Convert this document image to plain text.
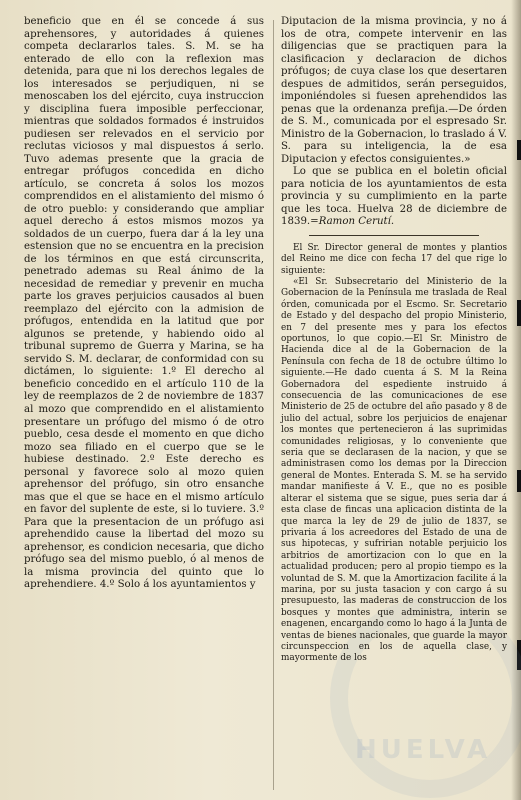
HUELVA

beneficio que en él se concede á sus aprehensores, y autoridades á quienes competa declararlos tales. S. M. se ha enterado de ello con la reflexion mas detenida, para que ni los derechos legales de los interesados se perjudiquen, ni se menoscaben los del ejército, cuya instruccion y disciplina fuera imposible perfeccionar, mientras que soldados formados é instruidos pudiesen ser relevados en el servicio por reclutas viciosos y mal dispuestos á serlo. Tuvo ademas presente que la gracia de entregar prófugos concedida en dicho artículo, se concreta á solos los mozos comprendidos en el alistamiento del mismo ó de otro pueblo: y considerando que ampliar aquel derecho á estos mismos mozos ya soldados de un cuerpo, fuera dar á la ley una estension que no se encuentra en la precision de los términos en que está circunscrita, penetrado ademas su Real ánimo de la necesidad de remediar y prevenir en mucha parte los graves perjuicios causados al buen reemplazo del ejército con la admision de prófugos, entendida en la latitud que por algunos se pretende, y habiendo oido al tribunal supremo de Guerra y Marina, se ha servido S. M. declarar, de conformidad con su dictámen, lo siguiente: 1.º El derecho al beneficio concedido en el artículo 110 de la ley de reemplazos de 2 de noviembre de 1837 al mozo que comprendido en el alistamiento presentare un prófugo del mismo ó de otro pueblo, cesa desde el momento en que dicho mozo sea filiado en el cuerpo que se le hubiese destinado. 2.º Este derecho es personal y favorece solo al mozo quien aprehensor del prófugo, sin otro ensanche mas que el que se hace en el mismo artículo en favor del suplente de este, si lo tuviere. 3.º Para que la presentacion de un prófugo asi aprehendido cause la libertad del mozo su aprehensor, es condicion necesaria, que dicho prófugo sea del mismo pueblo, ó al menos de la misma provincia del quinto que lo aprehendiere. 4.º Solo á los ayuntamientos y

Diputacion de la misma provincia, y no á los de otra, compete intervenir en las diligencias que se practiquen para la clasificacion y declaracion de dichos prófugos; de cuya clase los que desertaren despues de admitidos, serán perseguidos, imponiéndoles si fuesen aprehendidos las penas que la ordenanza prefija.—De órden de S. M., comunicada por el espresado Sr. Ministro de la Gobernacion, lo traslado á V. S. para su inteligencia, la de esa Diputacion y efectos consiguientes.»

Lo que se publica en el boletin oficial para noticia de los ayuntamientos de esta provincia y su cumplimiento en la parte que les toca. Huelva 28 de diciembre de 1839.=Ramon Cerutí.

El Sr. Director general de montes y plantios del Reino me dice con fecha 17 del que rige lo siguiente:

«El Sr. Subsecretario del Ministerio de la Gobernacion de la Península me traslada de Real órden, comunicada por el Escmo. Sr. Secretario de Estado y del despacho del propio Ministerio, en 7 del presente mes y para los efectos oportunos, lo que copio.—El Sr. Ministro de Hacienda dice al de la Gobernacion de la Península con fecha de 18 de octubre último lo siguiente.—He dado cuenta á S. M la Reina Gobernadora del espediente instruido á consecuencia de las comunicaciones de ese Ministerio de 25 de octubre del año pasado y 8 de julio del actual, sobre los perjuicios de enajenar los montes que pertenecieron á las suprimidas comunidades religiosas, y lo conveniente que seria que se declarasen de la nacion, y que se administrasen como los demas por la Direccion general de Montes. Enterada S. M. se ha servido mandar manifieste á V. E., que no es posible alterar el sistema que se sigue, pues seria dar á esta clase de fincas una aplicacion distinta de la que marca la ley de 29 de julio de 1837, se privaria á los acreedores del Estado de una de sus hipotecas, y sufririan notable perjuicio los arbitrios de amortizacion con lo que en la actualidad producen; pero al propio tiempo es la voluntad de S. M. que la Amortizacion facilite á la marina, por su justa tasacion y con cargo á su presupuesto, las maderas de construccion de los bosques y montes que administra, interin se enagenen, encargando como lo hago á la Junta de ventas de bienes nacionales, que guarde la mayor circunspeccion en los de aquella clase, y mayormente de los
